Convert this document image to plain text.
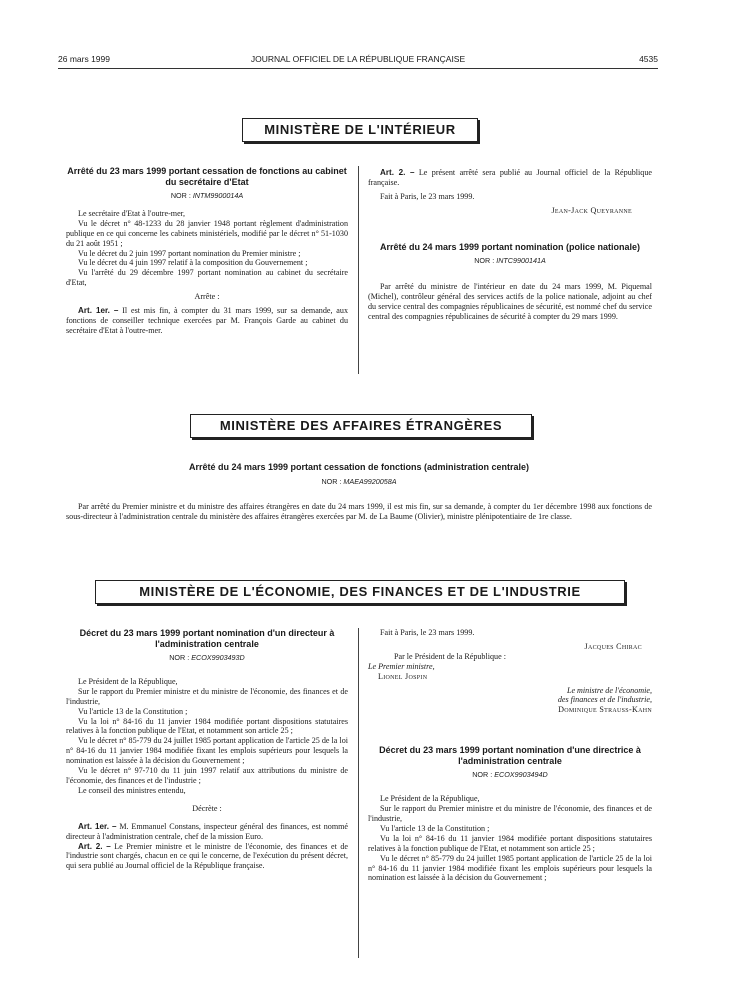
26 mars 1999	JOURNAL OFFICIEL DE LA RÉPUBLIQUE FRANÇAISE	4535
MINISTÈRE DE L'INTÉRIEUR
Arrêté du 23 mars 1999 portant cessation de fonctions au cabinet du secrétaire d'Etat
NOR : INTM9900014A

Le secrétaire d'Etat à l'outre-mer,

Vu le décret n° 48-1233 du 28 janvier 1948 portant règlement d'administration publique en ce qui concerne les cabinets ministériels, modifié par le décret n° 51-1030 du 21 août 1951 ;

Vu le décret du 2 juin 1997 portant nomination du Premier ministre ;

Vu le décret du 4 juin 1997 relatif à la composition du Gouvernement ;

Vu l'arrêté du 29 décembre 1997 portant nomination au cabinet du secrétaire d'Etat,

Arrête :

Art. 1er. – Il est mis fin, à compter du 31 mars 1999, sur sa demande, aux fonctions de conseiller technique exercées par M. François Garde au cabinet du secrétaire d'Etat à l'outre-mer.

Art. 2. – Le présent arrêté sera publié au Journal officiel de la République française.

Fait à Paris, le 23 mars 1999.

Jean-Jack Queyranne

Arrêté du 24 mars 1999 portant nomination (police nationale)
NOR : INTC9900141A

Par arrêté du ministre de l'intérieur en date du 24 mars 1999, M. Piquemal (Michel), contrôleur général des services actifs de la police nationale, adjoint au chef du service central des compagnies républicaines de sécurité, est nommé chef du service central des compagnies républicaines de sécurité à compter du 29 mars 1999.

MINISTÈRE DES AFFAIRES ÉTRANGÈRES
Arrêté du 24 mars 1999 portant cessation de fonctions (administration centrale)
NOR : MAEA9920058A

Par arrêté du Premier ministre et du ministre des affaires étrangères en date du 24 mars 1999, il est mis fin, sur sa demande, à compter du 1er décembre 1998 aux fonctions de sous-directeur à l'administration centrale du ministère des affaires étrangères exercées par M. de La Baume (Olivier), ministre plénipotentiaire de 1re classe.

MINISTÈRE DE L'ÉCONOMIE, DES FINANCES ET DE L'INDUSTRIE
Décret du 23 mars 1999 portant nomination d'un directeur à l'administration centrale
NOR : ECOX9903493D

Le Président de la République,

Sur le rapport du Premier ministre et du ministre de l'économie, des finances et de l'industrie,

Vu l'article 13 de la Constitution ;

Vu la loi n° 84-16 du 11 janvier 1984 modifiée portant dispositions statutaires relatives à la fonction publique de l'Etat, et notamment son article 25 ;

Vu le décret n° 85-779 du 24 juillet 1985 portant application de l'article 25 de la loi n° 84-16 du 11 janvier 1984 modifiée fixant les emplois supérieurs pour lesquels la nomination est laissée à la décision du Gouvernement ;

Vu le décret n° 97-710 du 11 juin 1997 relatif aux attributions du ministre de l'économie, des finances et de l'industrie ;

Le conseil des ministres entendu,

Décrète :

Art. 1er. – M. Emmanuel Constans, inspecteur général des finances, est nommé directeur à l'administration centrale, chef de la mission Euro.

Art. 2. – Le Premier ministre et le ministre de l'économie, des finances et de l'industrie sont chargés, chacun en ce qui le concerne, de l'exécution du présent décret, qui sera publié au Journal officiel de la République française.

Fait à Paris, le 23 mars 1999.

Jacques Chirac

Par le Président de la République :

Le Premier ministre,

Lionel Jospin

Le ministre de l'économie,

des finances et de l'industrie,

Dominique Strauss-Kahn

Décret du 23 mars 1999 portant nomination d'une directrice à l'administration centrale
NOR : ECOX9903494D

Le Président de la République,

Sur le rapport du Premier ministre et du ministre de l'économie, des finances et de l'industrie,

Vu l'article 13 de la Constitution ;

Vu la loi n° 84-16 du 11 janvier 1984 modifiée portant dispositions statutaires relatives à la fonction publique de l'Etat, et notamment son article 25 ;

Vu le décret n° 85-779 du 24 juillet 1985 portant application de l'article 25 de la loi n° 84-16 du 11 janvier 1984 modifiée fixant les emplois supérieurs pour lesquels la nomination est laissée à la décision du Gouvernement ;
